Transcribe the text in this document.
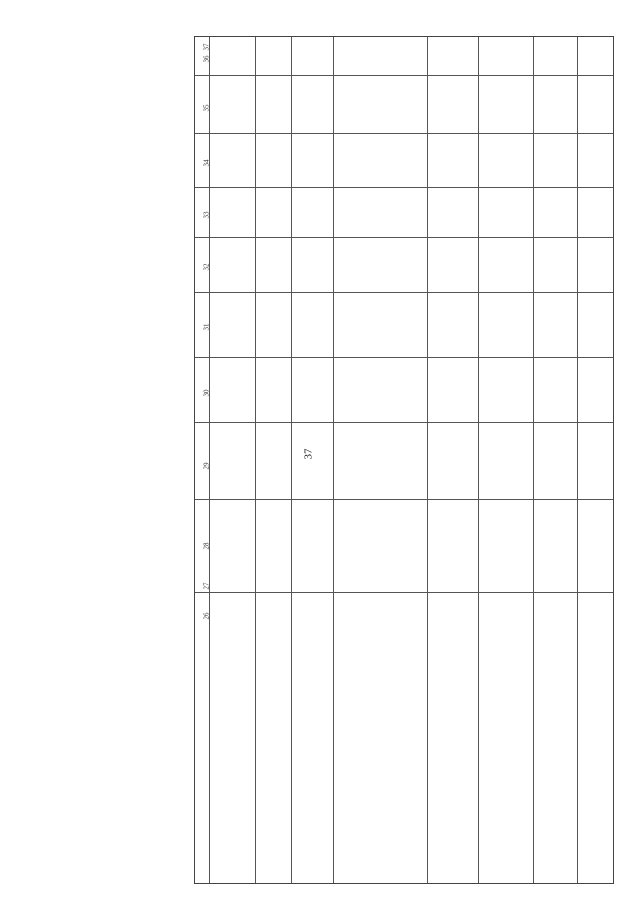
37
26
27
28
29
30
31
32
33
34
35
36
37
